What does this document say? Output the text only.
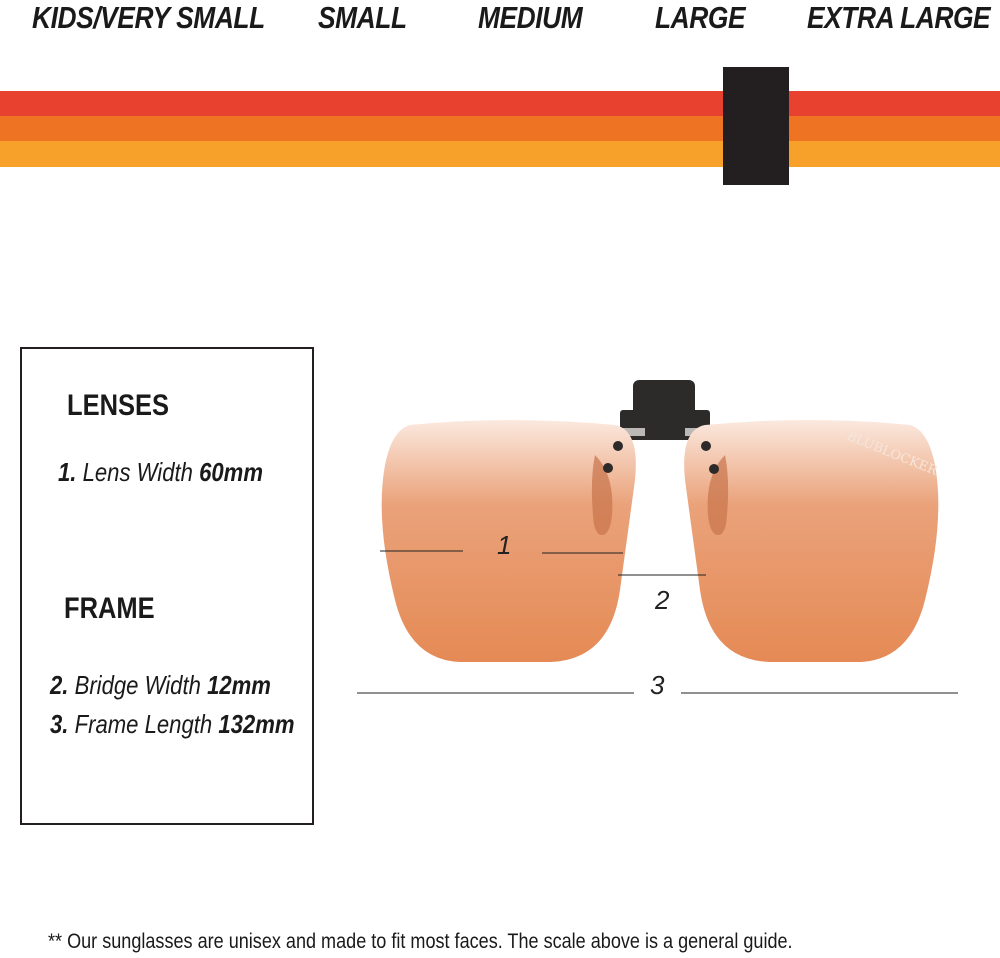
KIDS/VERY SMALL SMALL MEDIUM LARGE EXTRA LARGE
LENSES
1. Lens Width 60mm
FRAME
2. Bridge Width 12mm
3. Frame Length 132mm
BLUBLOCKER
1
2
3
** Our sunglasses are unisex and made to fit most faces. The scale above is a general guide.
